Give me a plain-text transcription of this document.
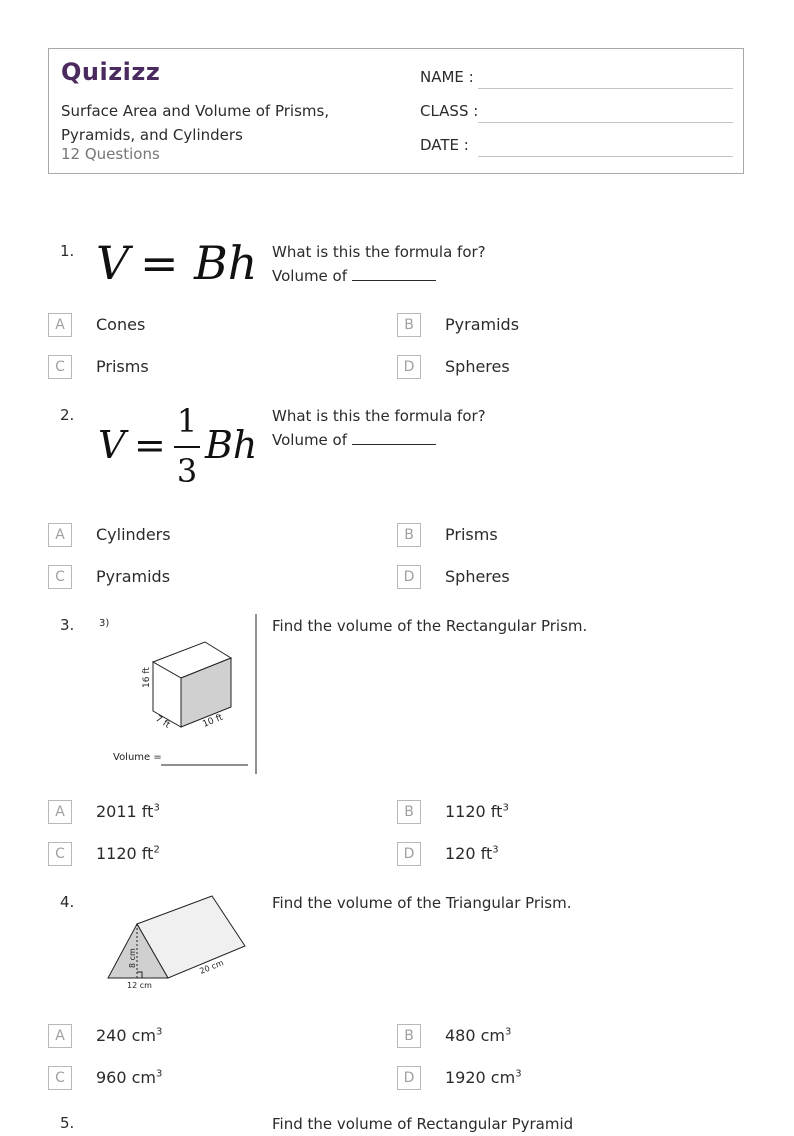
Quizizz
Surface Area and Volume of Prisms, Pyramids, and Cylinders
12 Questions
NAME :
CLASS :
DATE :
1. V = Bh What is this the formula for?
Volume of
A	Cones	B	Pyramids
C	Prisms	D	Spheres
2.
V =
1
3
Bh
What is this the formula for?
Volume of
A	Cylinders	B	Prisms
C	Pyramids	D	Spheres
3. 3)
16 ft
7 ft	10 ft
Volume =
Find the volume of the Rectangular Prism.
A	2011 $ft^3$	B	1120 $ft^3$
C	1120 $ft^2$	D	120 $ft^3$
4.
8 cm
12 cm
20 cm
Find the volume of the Triangular Prism.
A	240 $cm^3$	B	480 $cm^3$
C	960 $cm^3$	D	1920 $cm^3$
5.	Find the volume of Rectangular Pyramid
